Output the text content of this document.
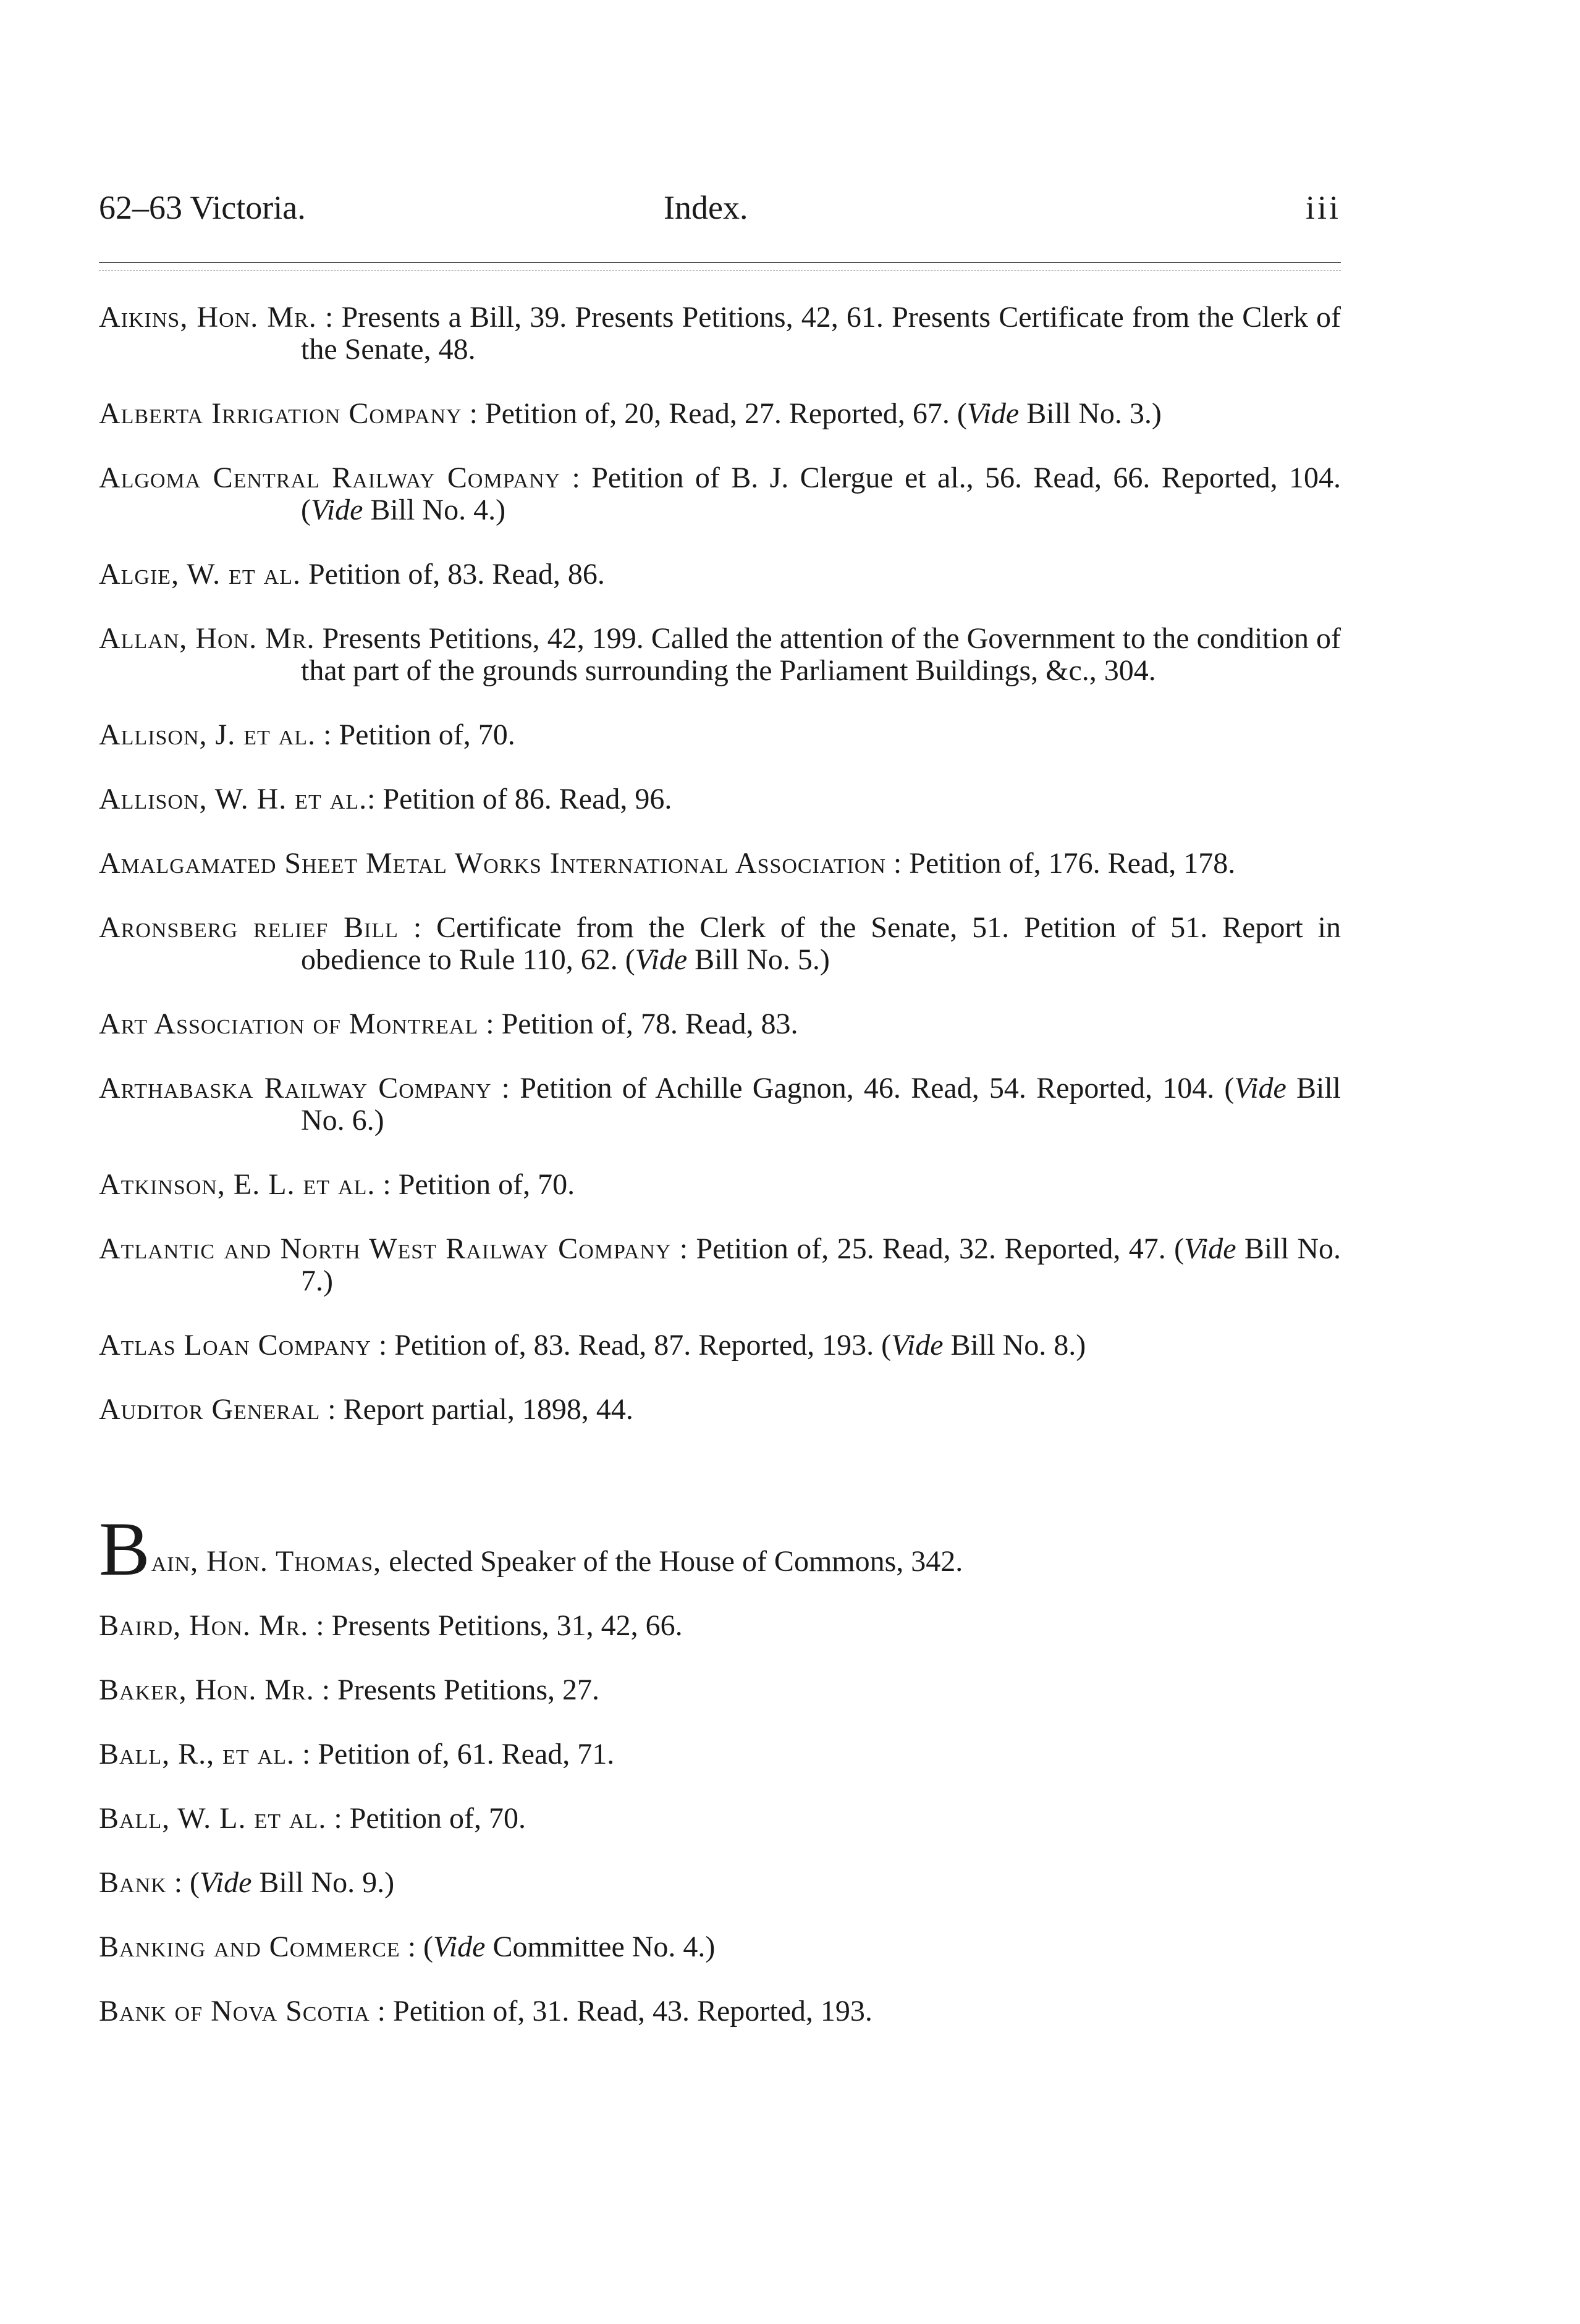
62–63 Victoria.	Index.	iii

Aikins, Hon. Mr. : Presents a Bill, 39. Presents Petitions, 42, 61. Presents Certificate from the Clerk of the Senate, 48.

Alberta Irrigation Company : Petition of, 20, Read, 27. Reported, 67. (Vide Bill No. 3.)

Algoma Central Railway Company : Petition of B. J. Clergue et al., 56. Read, 66. Reported, 104. (Vide Bill No. 4.)

Algie, W. et al. Petition of, 83. Read, 86.

Allan, Hon. Mr. Presents Petitions, 42, 199. Called the attention of the Government to the condition of that part of the grounds surrounding the Parliament Buildings, &c., 304.

Allison, J. et al. : Petition of, 70.

Allison, W. H. et al.: Petition of 86. Read, 96.

Amalgamated Sheet Metal Works International Association : Petition of, 176. Read, 178.

Aronsberg relief Bill : Certificate from the Clerk of the Senate, 51. Petition of 51. Report in obedience to Rule 110, 62. (Vide Bill No. 5.)

Art Association of Montreal : Petition of, 78. Read, 83.

Arthabaska Railway Company : Petition of Achille Gagnon, 46. Read, 54. Reported, 104. (Vide Bill No. 6.)

Atkinson, E. L. et al. : Petition of, 70.

Atlantic and North West Railway Company : Petition of, 25. Read, 32. Reported, 47. (Vide Bill No. 7.)

Atlas Loan Company : Petition of, 83. Read, 87. Reported, 193. (Vide Bill No. 8.)

Auditor General : Report partial, 1898, 44.

Bain, Hon. Thomas, elected Speaker of the House of Commons, 342.

Baird, Hon. Mr. : Presents Petitions, 31, 42, 66.

Baker, Hon. Mr. : Presents Petitions, 27.

Ball, R., et al. : Petition of, 61. Read, 71.

Ball, W. L. et al. : Petition of, 70.

Bank : (Vide Bill No. 9.)

Banking and Commerce : (Vide Committee No. 4.)

Bank of Nova Scotia : Petition of, 31. Read, 43. Reported, 193.
